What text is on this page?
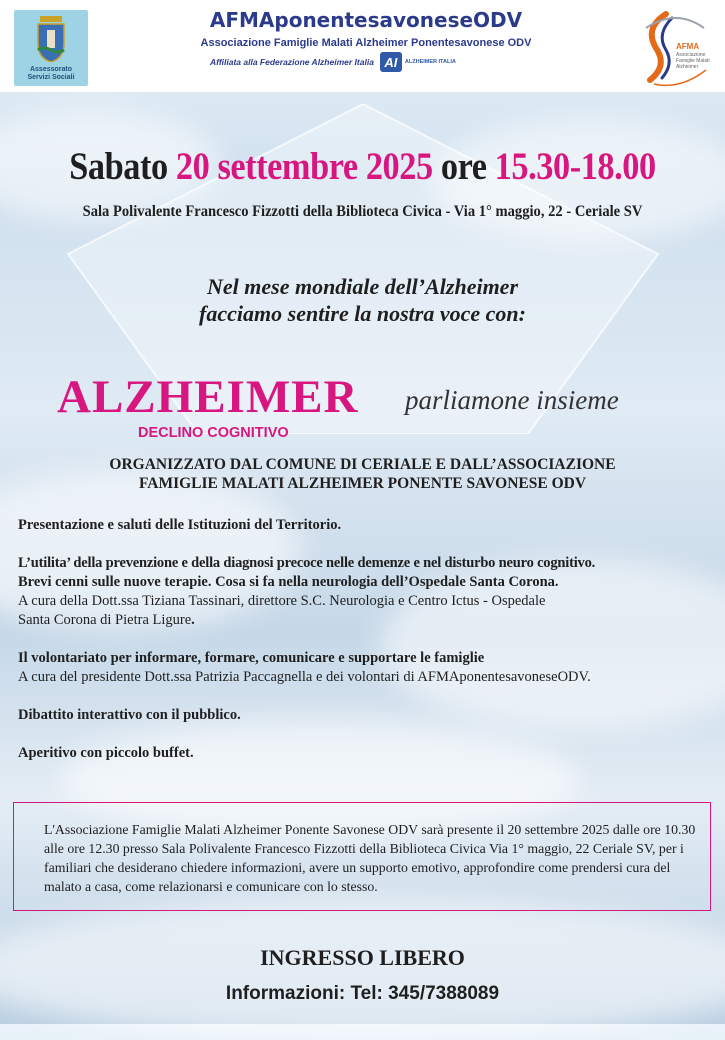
Assessorato
Servizi Sociali
AFMAponentesavoneseODV
Associazione Famiglie Malati Alzheimer Ponentesavonese ODV
Affiliata alla Federazione Alzheimer Italia AI	ALZHEIMER ITALIA
AFMA
Associazione Famiglie Malati Alzheimer
Sabato 20 settembre 2025 ore 15.30-18.00
Sala Polivalente Francesco Fizzotti della Biblioteca Civica - Via 1° maggio, 22 - Ceriale SV
Nel mese mondiale dell’Alzheimer
facciamo sentire la nostra voce con:
ALZHEIMER parliamone insieme
DECLINO COGNITIVO
ORGANIZZATO DAL COMUNE DI CERIALE E DALL’ASSOCIAZIONE
FAMIGLIE MALATI ALZHEIMER PONENTE SAVONESE ODV
Presentazione e saluti delle Istituzioni del Territorio.
L’utilita’ della prevenzione e della diagnosi precoce nelle demenze e nel disturbo neuro cognitivo.
Brevi cenni sulle nuove terapie. Cosa si fa nella neurologia dell’Ospedale Santa Corona.
A cura della Dott.ssa Tiziana Tassinari, direttore S.C. Neurologia e Centro Ictus - Ospedale
Santa Corona di Pietra Ligure.
Il volontariato per informare, formare, comunicare e supportare le famiglie
A cura del presidente Dott.ssa Patrizia Paccagnella e dei volontari di AFMAponentesavoneseODV.
Dibattito interattivo con il pubblico.
Aperitivo con piccolo buffet.

L'Associazione Famiglie Malati Alzheimer Ponente Savonese ODV sarà presente il 20 settembre 2025 dalle ore 10.30 alle ore 12.30 presso Sala Polivalente Francesco Fizzotti della Biblioteca Civica Via 1° maggio, 22 Ceriale SV, per i familiari che desiderano chiedere informazioni, avere un supporto emotivo, approfondire come prendersi cura del malato a casa, come relazionarsi e comunicare con lo stesso.

INGRESSO LIBERO
Informazioni: Tel: 345/7388089
